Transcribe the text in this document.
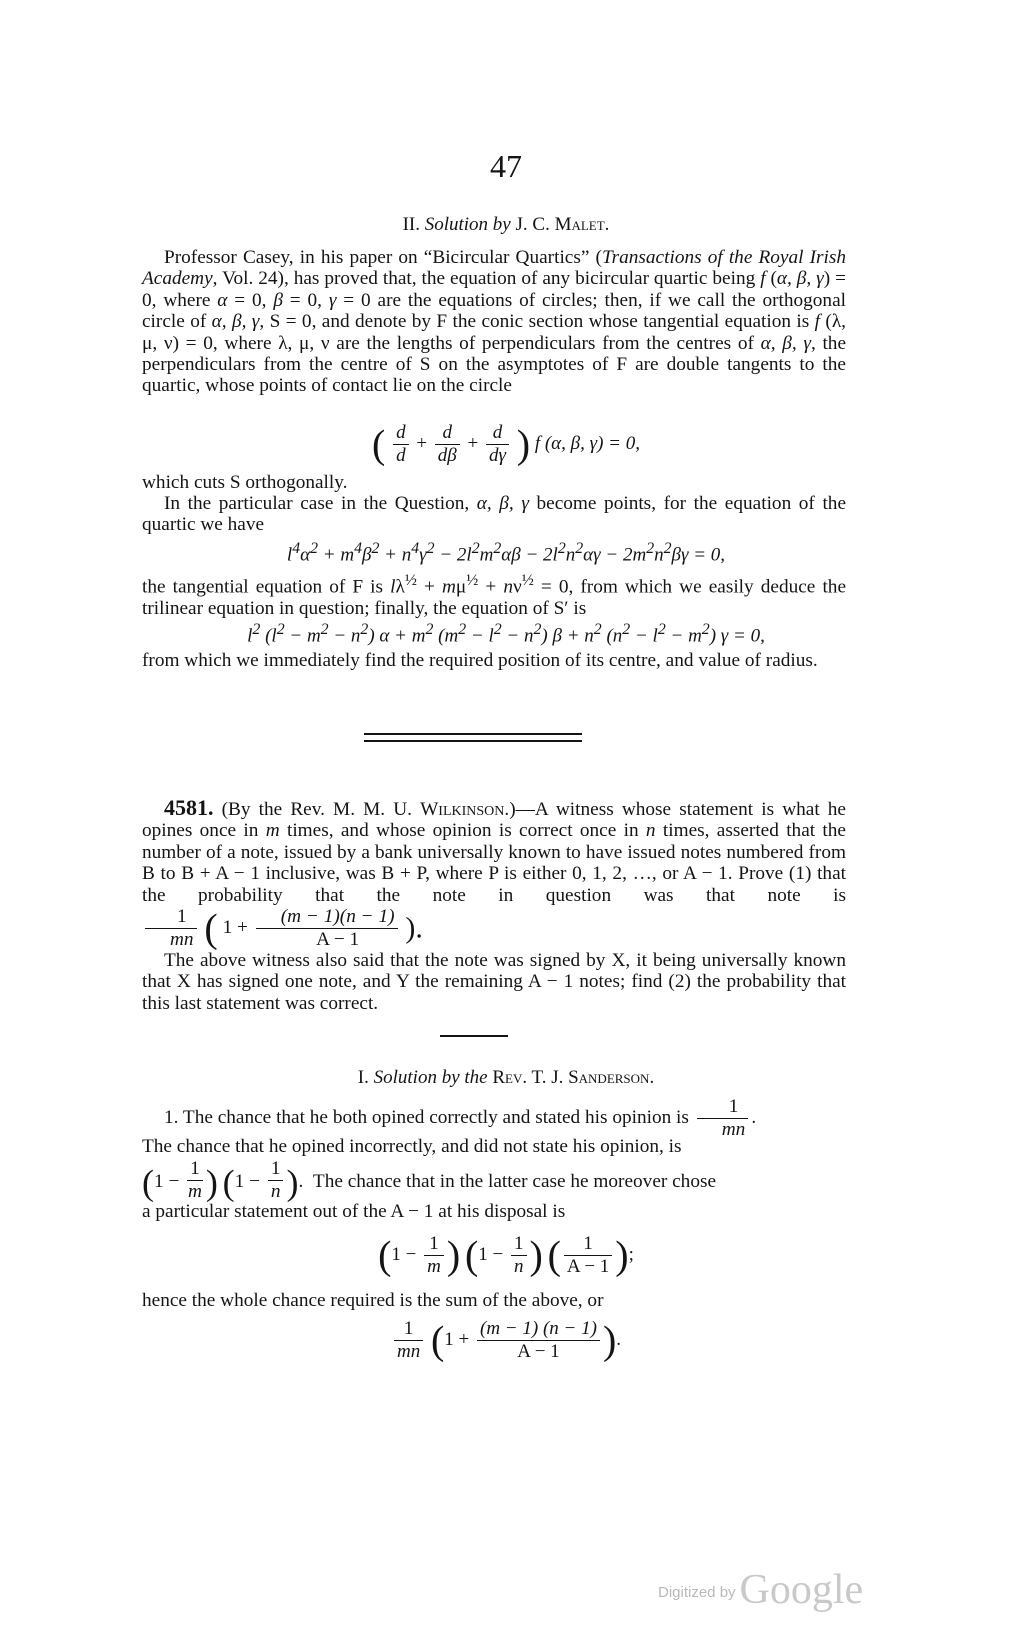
47
II. Solution by J. C. Malet.
Professor Casey, in his paper on “Bicircular Quartics” (Transactions of the Royal Irish Academy, Vol. 24), has proved that, the equation of any bicircular quartic being f (α, β, γ) = 0, where α = 0, β = 0, γ = 0 are the equations of circles; then, if we call the orthogonal circle of α, β, γ, S = 0, and denote by F the conic section whose tangential equation is f (λ, μ, ν) = 0, where λ, μ, ν are the lengths of perpendiculars from the centres of α, β, γ, the perpendiculars from the centre of S on the asymptotes of F are double tangents to the quartic, whose points of contact lie on the circle
( $\frac{d}{d} + \frac{d}{d\beta} + \frac{d}{d\gamma}$ ) f (α, β, γ) = 0,
which cuts S orthogonally.
In the particular case in the Question, α, β, γ become points, for the equation of the quartic we have
$l^4\alpha^2 + m^4\beta^2 + n^4\gamma^2 - 2l^2m^2\alpha\beta - 2l^2n^2\alpha\gamma - 2m^2n^2\beta\gamma = 0$,
the tangential equation of F is $l\lambda^{\frac{1}{2}} + m\mu^{\frac{1}{2}} + n\nu^{\frac{1}{2}} = 0$, from which we easily deduce the trilinear equation in question; finally, the equation of S′ is
$l^2$ $(l^2 - m^2 - n^2) \alpha + m^2$ $(m^2 - l^2 - n^2) \beta + n^2$ $(n^2 - l^2 - m^2) \gamma = 0$,
from which we immediately find the required position of its centre, and value of radius.
4581. (By the Rev. M. M. U. Wilkinson.)—A witness whose statement is what he opines once in m times, and whose opinion is correct once in n times, asserted that the number of a note, issued by a bank universally known to have issued notes numbered from B to B + A − 1 inclusive, was B + P, where P is either 0, 1, 2, …, or A − 1. Prove (1) that the probability that the note in question was that note is
$\frac{1}{mn}$ ( $1 + \frac{(m - 1)(n - 1)}{A - 1}$ ).
The above witness also said that the note was signed by X, it being universally known that X has signed one note, and Y the remaining A − 1 notes; find (2) the probability that this last statement was correct.
I. Solution by the Rev. T. J. Sanderson.
1. The chance that he both opined correctly and stated his opinion is $\frac{1}{mn}$ .
The chance that he opined incorrectly, and did not state his opinion, is
$(1 - \frac{1}{m})$ $(1 - \frac{1}{n})$.  The chance that in the latter case he moreover chose
a particular statement out of the A − 1 at his disposal is
($1 - \frac{1}{m}$ ) ($1 - \frac{1}{n}$ ) ( $\frac{1}{A - 1}$ );
hence the whole chance required is the sum of the above, or
$\frac{1}{mn} (1 + \frac{(m - 1) (n - 1)}{A - 1}$ ).
Digitized byGoogle
